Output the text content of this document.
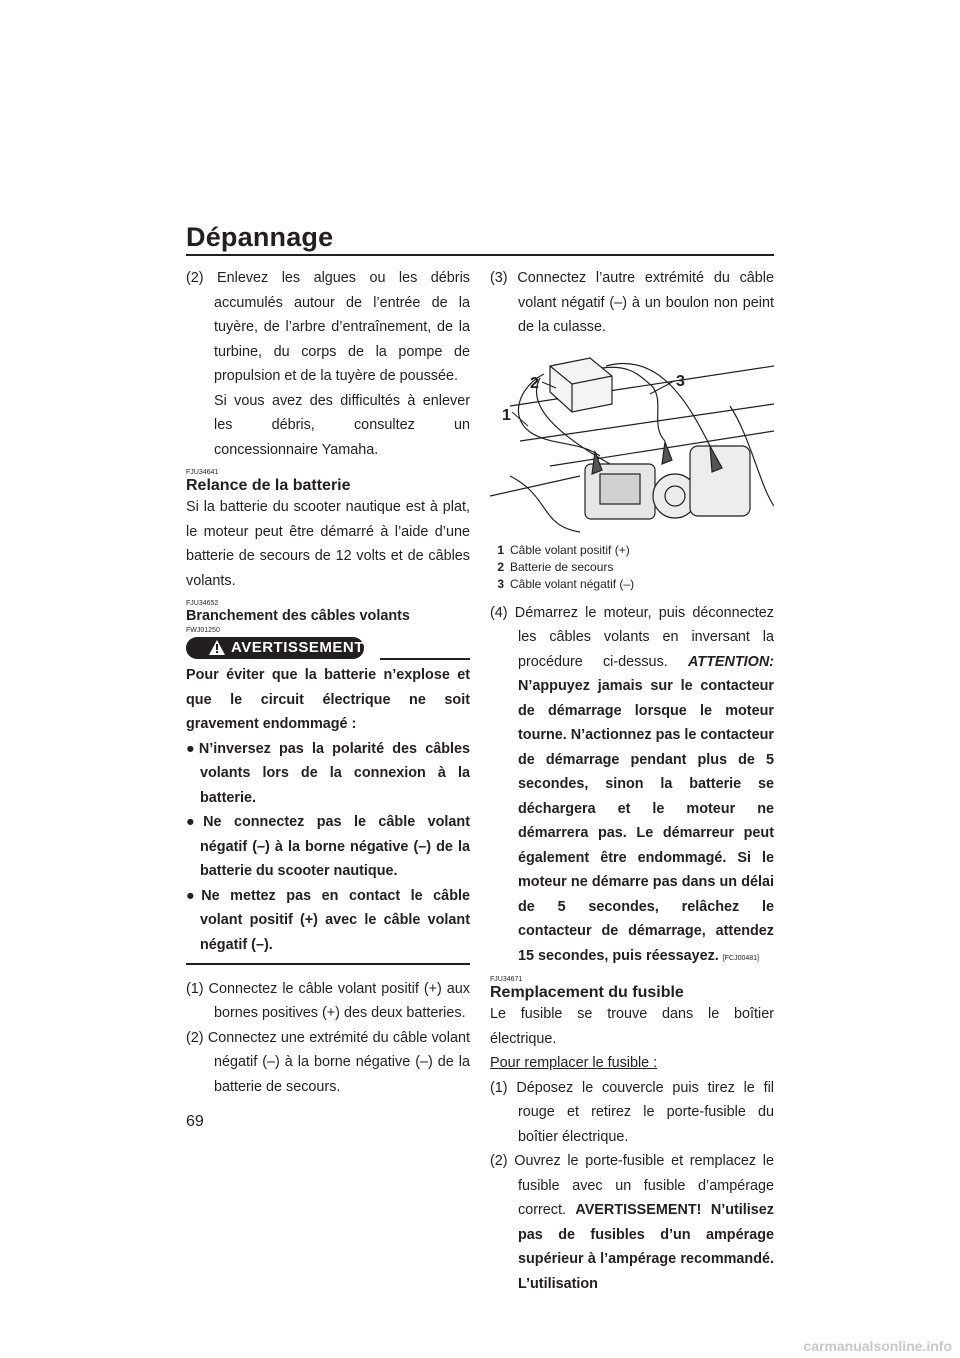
Dépannage
69

(2) Enlevez les algues ou les débris accumulés autour de l’entrée de la tuyère, de l’arbre d’entraînement, de la turbine, du corps de la pompe de propulsion et de la tuyère de poussée.

Si vous avez des difficultés à enlever les débris, consultez un concessionnaire Yamaha.

FJU34641

Relance de la batterie

Si la batterie du scooter nautique est à plat, le moteur peut être démarré à l’aide d’une batterie de secours de 12 volts et de câbles volants.

FJU34652

Branchement des câbles volants

FWJ01250

AVERTISSEMENT

Pour éviter que la batterie n’explose et que le circuit électrique ne soit gravement endommagé :

●​N’inversez pas la polarité des câbles volants lors de la connexion à la batterie.

●​Ne connectez pas le câble volant négatif (–) à la borne négative (–) de la batterie du scooter nautique.

●​Ne mettez pas en contact le câble volant positif (+) avec le câble volant négatif (–).

(1) Connectez le câble volant positif (+) aux bornes positives (+) des deux batteries.

(2) Connectez une extrémité du câble volant négatif (–) à la borne négative (–) de la batterie de secours.

(3) Connectez l’autre extrémité du câble volant négatif (–) à un boulon non peint de la culasse.

2	3
1

1 Câble volant positif (+)

2 Batterie de secours

3 Câble volant négatif (–)

(4) Démarrez le moteur, puis déconnectez les câbles volants en inversant la procédure ci-dessus. ATTENTION: N’appuyez jamais sur le contacteur de démarrage lorsque le moteur tourne. N’actionnez pas le contacteur de démarrage pendant plus de 5 secondes, sinon la batterie se déchargera et le moteur ne démarrera pas. Le démarreur peut également être endommagé. Si le moteur ne démarre pas dans un délai de 5 secondes, relâchez le contacteur de démarrage, attendez 15 secondes, puis réessayez. [FCJ00481]

FJU34671

Remplacement du fusible

Le fusible se trouve dans le boîtier électrique.

Pour remplacer le fusible :

(1) Déposez le couvercle puis tirez le fil rouge et retirez le porte-fusible du boîtier électrique.

(2) Ouvrez le porte-fusible et remplacez le fusible avec un fusible d’ampérage correct. AVERTISSEMENT! N’utilisez pas de fusibles d’un ampérage supérieur à l’ampérage recommandé. L’utilisation

carmanualsonline.info
